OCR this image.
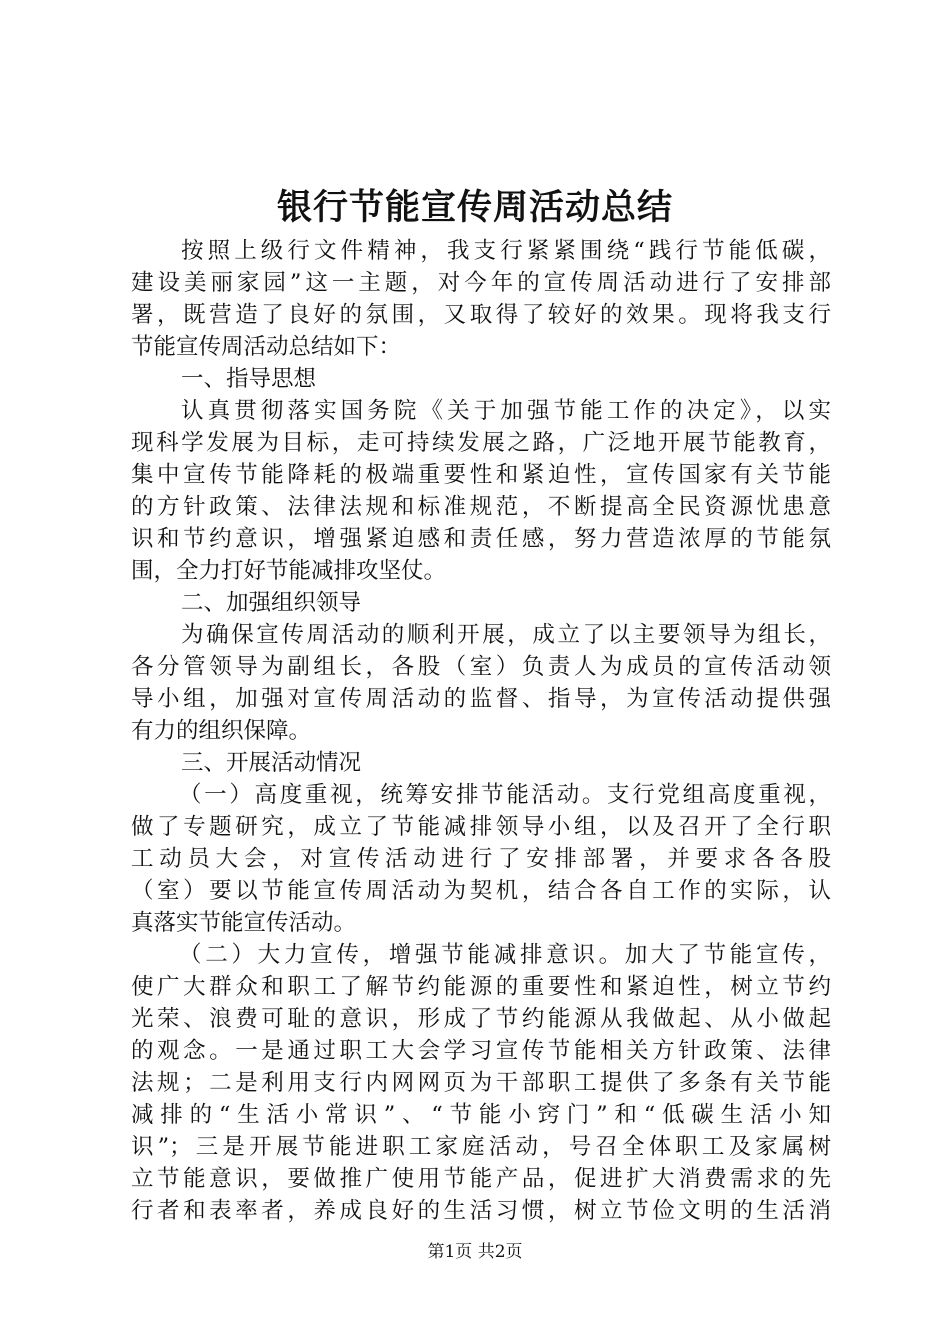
银行节能宣传周活动总结
按照上级行文件精神，我支行紧紧围绕“践行节能低碳，
建设美丽家园”这一主题，对今年的宣传周活动进行了安排部
署，既营造了良好的氛围，又取得了较好的效果。现将我支行
节能宣传周活动总结如下：
一、指导思想
认真贯彻落实国务院《关于加强节能工作的决定》，以实
现科学发展为目标，走可持续发展之路，广泛地开展节能教育，
集中宣传节能降耗的极端重要性和紧迫性，宣传国家有关节能
的方针政策、法律法规和标准规范，不断提高全民资源忧患意
识和节约意识，增强紧迫感和责任感，努力营造浓厚的节能氛
围，全力打好节能减排攻坚仗。
二、加强组织领导
为确保宣传周活动的顺利开展，成立了以主要领导为组长，
各分管领导为副组长，各股（室）负责人为成员的宣传活动领
导小组，加强对宣传周活动的监督、指导，为宣传活动提供强
有力的组织保障。
三、开展活动情况
（一）高度重视，统筹安排节能活动。支行党组高度重视，
做了专题研究，成立了节能减排领导小组，以及召开了全行职
工动员大会，对宣传活动进行了安排部署，并要求各各股
（室）要以节能宣传周活动为契机，结合各自工作的实际，认
真落实节能宣传活动。
（二）大力宣传，增强节能减排意识。加大了节能宣传，
使广大群众和职工了解节约能源的重要性和紧迫性，树立节约
光荣、浪费可耻的意识，形成了节约能源从我做起、从小做起
的观念。一是通过职工大会学习宣传节能相关方针政策、法律
法规；二是利用支行内网网页为干部职工提供了多条有关节能
减排的“生活小常识”、“节能小窍门”和“低碳生活小知
识”；三是开展节能进职工家庭活动，号召全体职工及家属树
立节能意识，要做推广使用节能产品，促进扩大消费需求的先
行者和表率者，养成良好的生活习惯，树立节俭文明的生活消
第1页 共2页
